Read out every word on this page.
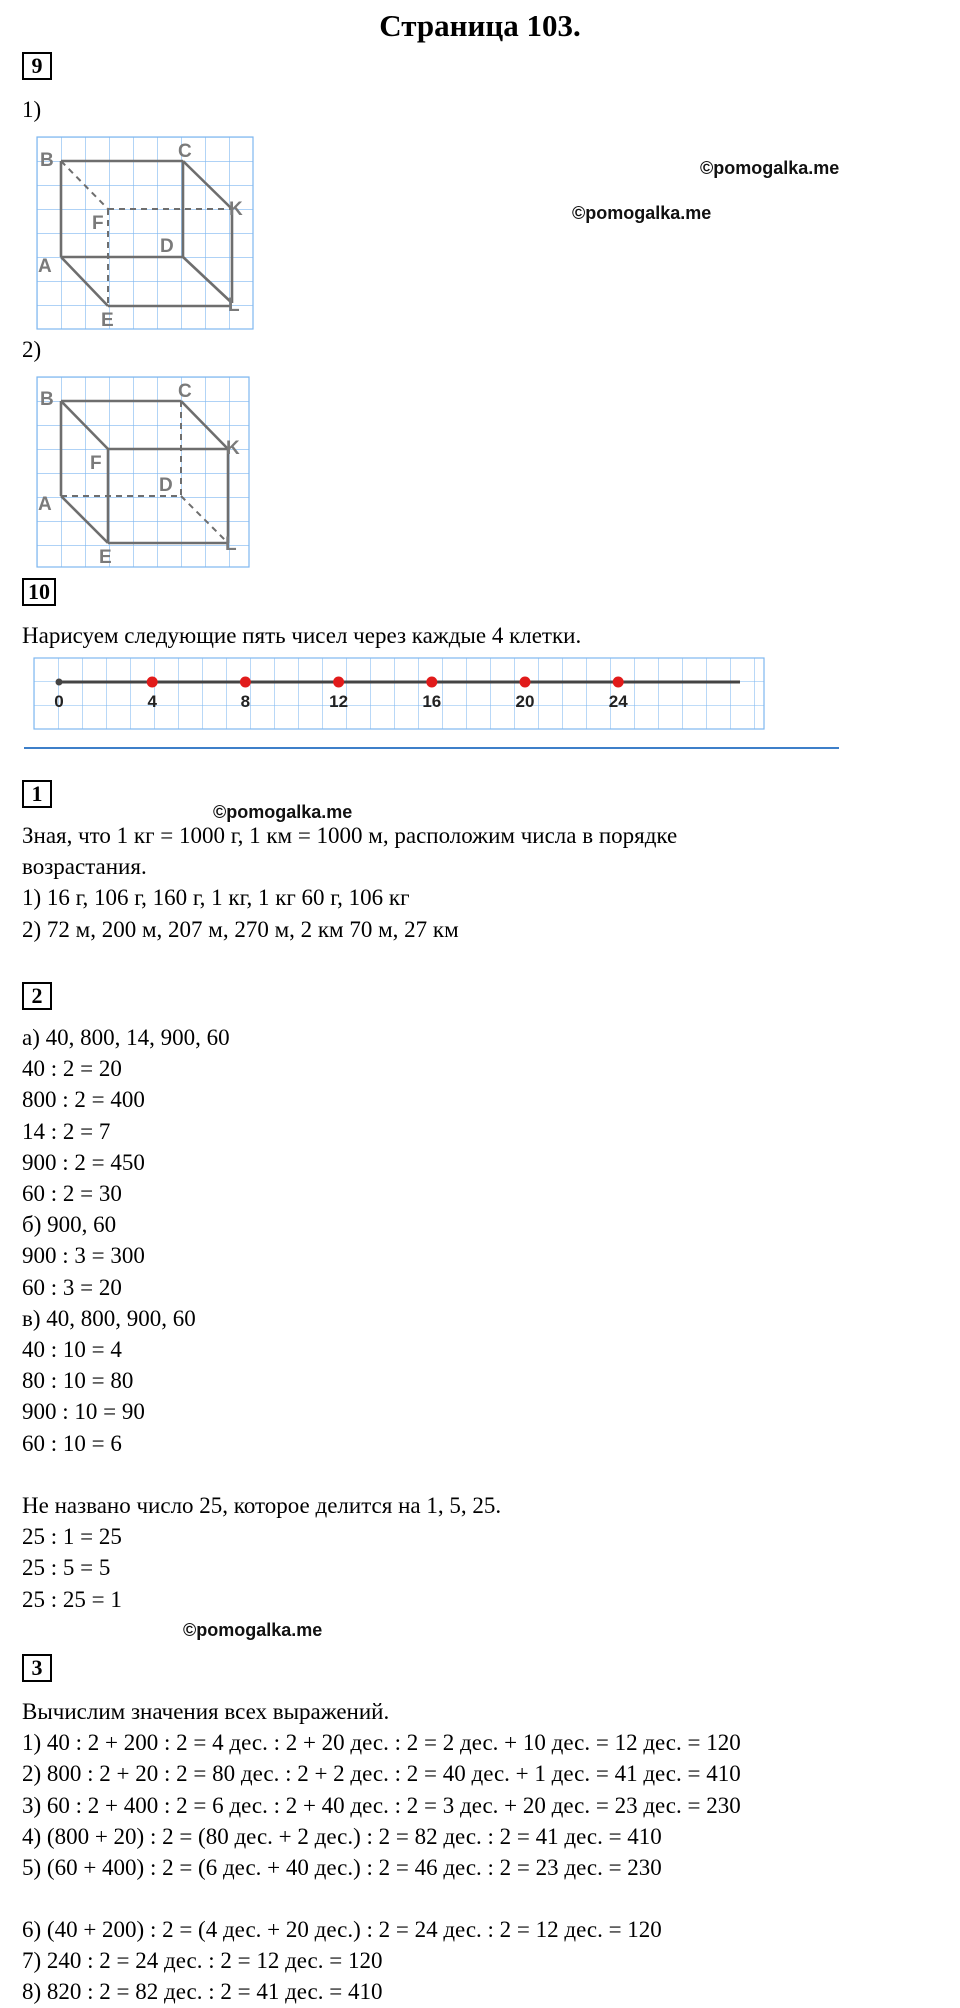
Страница 103.
9
1)
B	C
K
F
D
A
E
L
B	C
K
F
D
A
E
L
©pomogalka.me
©pomogalka.me
2)
10
Нарисуем следующие пять чисел через каждые 4 клетки.
0	4	8	12	16	20	24
1
©pomogalka.me
Зная, что 1 кг = 1000 г, 1 км = 1000 м, расположим числа в порядке
возрастания.
1) 16 г, 106 г, 160 г, 1 кг, 1 кг 60 г, 106 кг
2) 72 м, 200 м, 207 м, 270 м, 2 км 70 м, 27 км
2
а) 40, 800, 14, 900, 60
40 : 2 = 20
800 : 2 = 400
14 : 2 = 7
900 : 2 = 450
60 : 2 = 30
б) 900, 60
900 : 3 = 300
60 : 3 = 20
в) 40, 800, 900, 60
40 : 10 = 4
80 : 10 = 80
900 : 10 = 90
60 : 10 = 6
Не названо число 25, которое делится на 1, 5, 25.
25 : 1 = 25
25 : 5 = 5
25 : 25 = 1
©pomogalka.me
3
Вычислим значения всех выражений.
1) 40 : 2 + 200 : 2 = 4 дес. : 2 + 20 дес. : 2 = 2 дес. + 10 дес. = 12 дес. = 120
2) 800 : 2 + 20 : 2 = 80 дес. : 2 + 2 дес. : 2 = 40 дес. + 1 дес. = 41 дес. = 410
3) 60 : 2 + 400 : 2 = 6 дес. : 2 + 40 дес. : 2 = 3 дес. + 20 дес. = 23 дес. = 230
4) (800 + 20) : 2 = (80 дес. + 2 дес.) : 2 = 82 дес. : 2 = 41 дес. = 410
5) (60 + 400) : 2 = (6 дес. + 40 дес.) : 2 = 46 дес. : 2 = 23 дес. = 230
6) (40 + 200) : 2 = (4 дес. + 20 дес.) : 2 = 24 дес. : 2 = 12 дес. = 120
7) 240 : 2 = 24 дес. : 2 = 12 дес. = 120
8) 820 : 2 = 82 дес. : 2 = 41 дес. = 410
